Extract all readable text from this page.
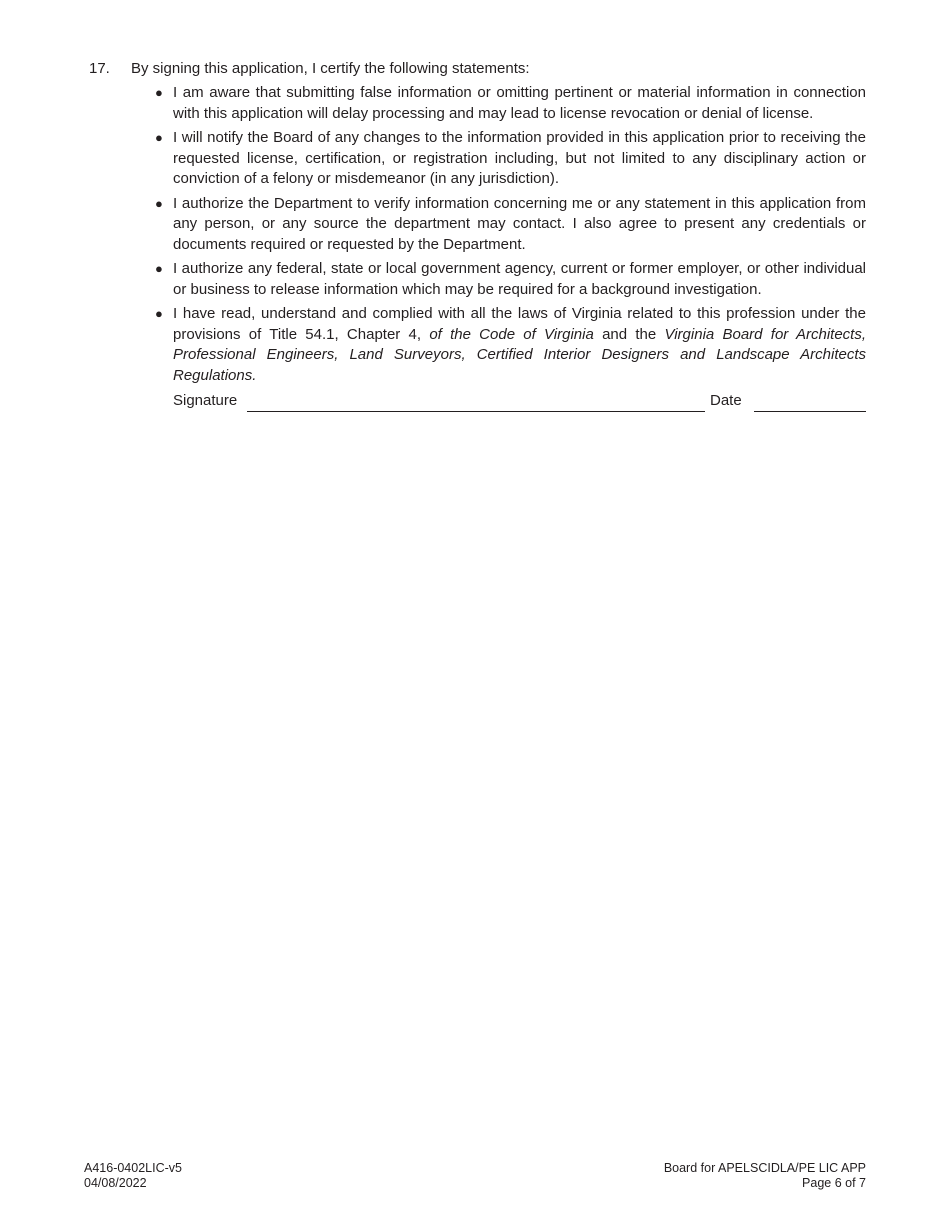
17. By signing this application, I certify the following statements:
● I am aware that submitting false information or omitting pertinent or material information in connection with this application will delay processing and may lead to license revocation or denial of license.
● I will notify the Board of any changes to the information provided in this application prior to receiving the requested license, certification, or registration including, but not limited to any disciplinary action or conviction of a felony or misdemeanor (in any jurisdiction).
● I authorize the Department to verify information concerning me or any statement in this application from any person, or any source the department may contact. I also agree to present any credentials or documents required or requested by the Department.
● I authorize any federal, state or local government agency, current or former employer, or other individual or business to release information which may be required for a background investigation.
● I have read, understand and complied with all the laws of Virginia related to this profession under the provisions of Title 54.1, Chapter 4, of the Code of Virginia and the Virginia Board for Architects, Professional Engineers, Land Surveyors, Certified Interior Designers and Landscape Architects Regulations.
Signature	Date
A416-0402LIC-v5
04/08/2022
Board for APELSCIDLA/PE LIC APP
Page 6 of 7
